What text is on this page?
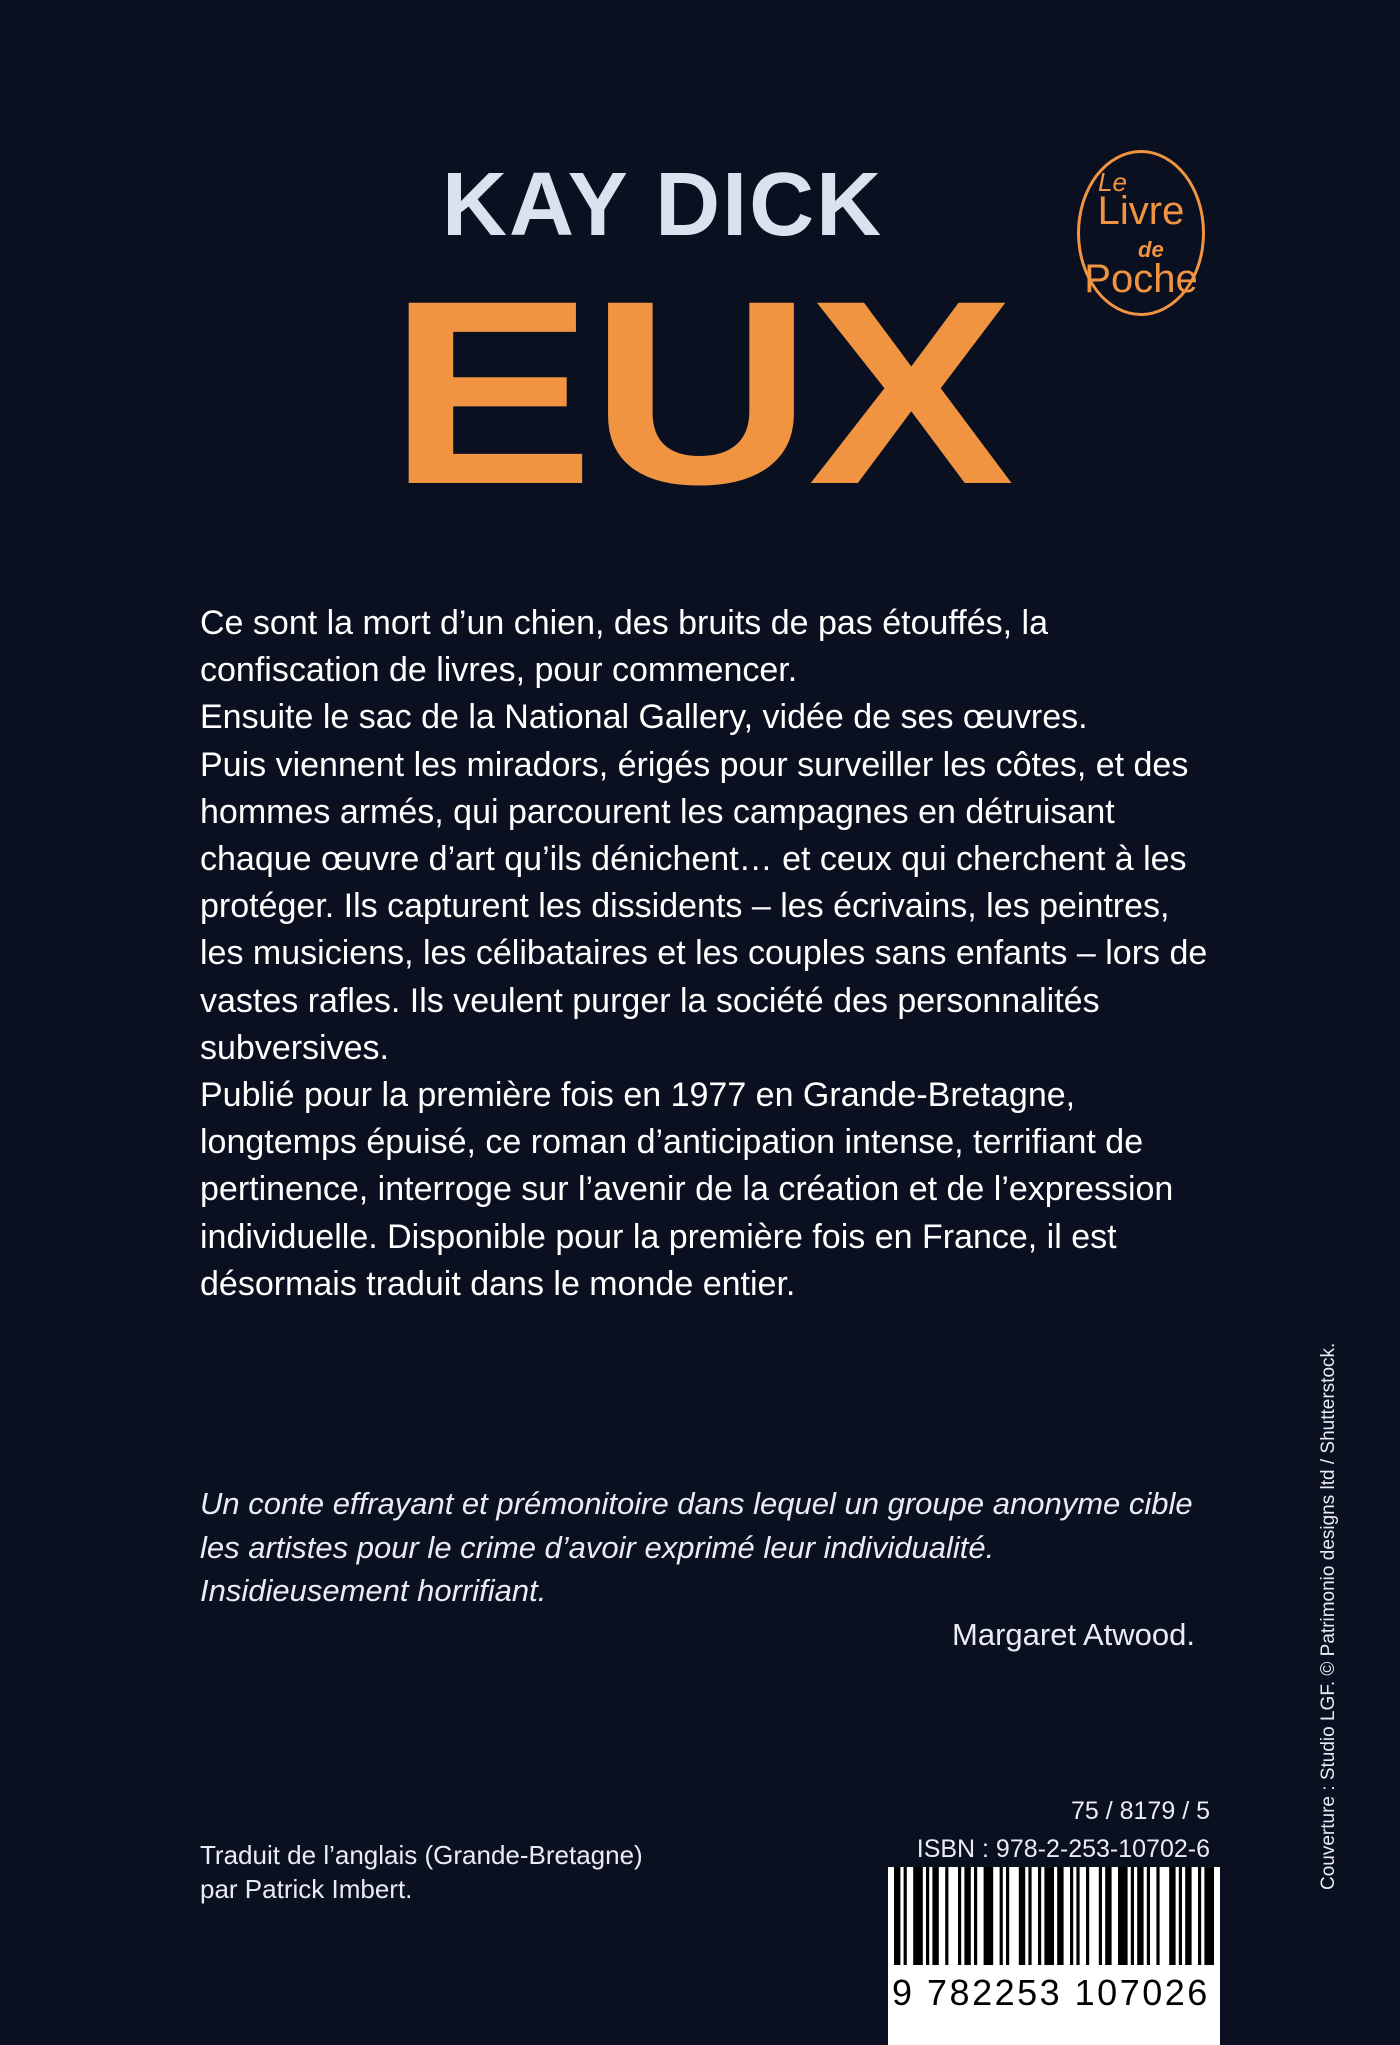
KAY DICK
EUX
Le
Livre
de
Poche

Ce sont la mort d’un chien, des bruits de pas étouffés, la confiscation de livres, pour commencer.

Ensuite le sac de la National Gallery, vidée de ses œuvres.

Puis viennent les miradors, érigés pour surveiller les côtes, et des hommes armés, qui parcourent les campagnes en détruisant chaque œuvre d’art qu’ils dénichent… et ceux qui cherchent à les protéger. Ils capturent les dissidents – les écrivains, les peintres, les musiciens, les célibataires et les couples sans enfants – lors de vastes rafles. Ils veulent purger la société des personnalités subversives.

Publié pour la première fois en 1977 en Grande-Bretagne, longtemps épuisé, ce roman d’anticipation intense, terrifiant de pertinence, interroge sur l’avenir de la création et de l’expression individuelle. Disponible pour la première fois en France, il est désormais traduit dans le monde entier.

Un conte effrayant et prémonitoire dans lequel un groupe anonyme cible les artistes pour le crime d’avoir exprimé leur individualité. Insidieusement horrifiant.
Margaret Atwood.
Traduit de l’anglais (Grande-Bretagne)
par Patrick Imbert.
75 / 8179 / 5
ISBN : 978-2-253-10702-6
9 782253 107026
Couverture : Studio LGF. © Patrimonio designs ltd / Shutterstock.
